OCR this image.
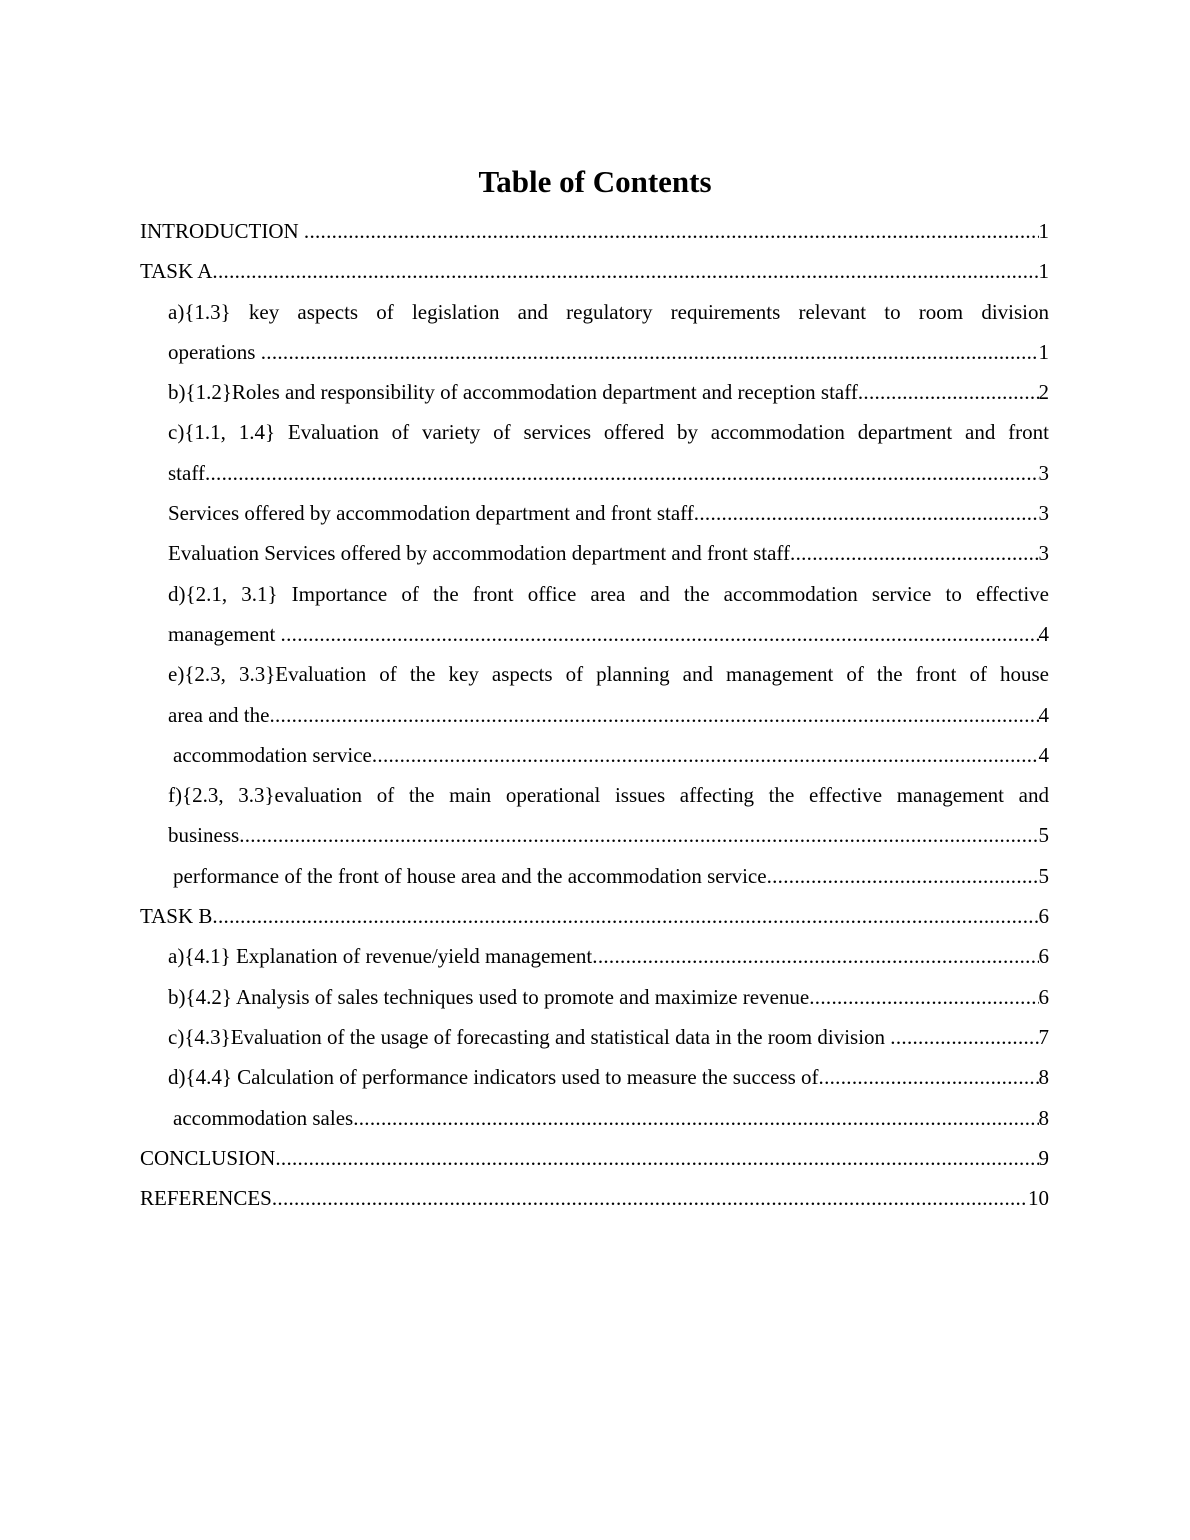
Table of Contents
INTRODUCTION .....	1
TASK A .....	1
a){1.3} key aspects of legislation and regulatory requirements relevant to room division
operations .....	1
b){1.2}Roles and responsibility of accommodation department and reception staff .....	2
c){1.1, 1.4} Evaluation of variety of services offered by accommodation department and front
staff .....	3
Services offered by accommodation department and front staff .....	3
Evaluation Services offered by accommodation department and front staff .....	3
d){2.1, 3.1} Importance of the front office area and the accommodation service to effective
management .....	4
e){2.3, 3.3}Evaluation of the key aspects of planning and management of the front of house
area and the .....	4
accommodation service .....	4
f){2.3, 3.3}evaluation of the main operational issues affecting the effective management and
business .....	5
performance of the front of house area and the accommodation service .....	5
TASK B .....	6
a){4.1} Explanation of revenue/yield management .....	6
b){4.2} Analysis of sales techniques used to promote and maximize revenue .....	6
c){4.3}Evaluation of the usage of forecasting and statistical data in the room division .....	7
d){4.4} Calculation of performance indicators used to measure the success of .....	8
accommodation sales .....	8
CONCLUSION .....	9
REFERENCES .....	10
